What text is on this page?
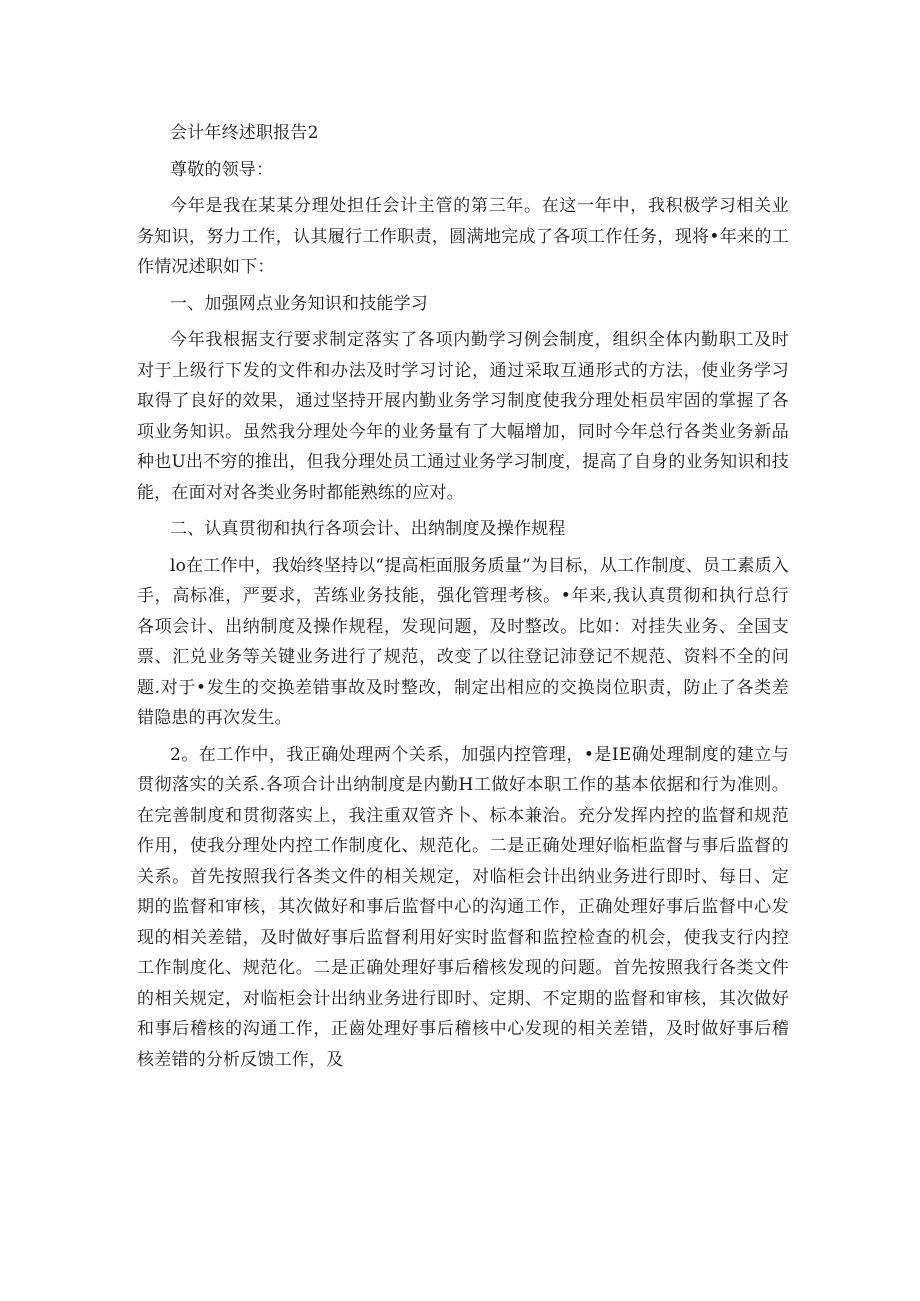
会计年终述职报告2

尊敬的领导：

今年是我在某某分理处担任会计主管的第三年。在这一年中，我积极学习相关业务知识，努力工作，认其履行工作职责，圆满地完成了各项工作任务，现将•年来的工作情况述职如下：

一、加强网点业务知识和技能学习

今年我根据支行要求制定落实了各项内勤学习例会制度，组织全体内勤职工及时对于上级行下发的文件和办法及时学习讨论，通过采取互通形式的方法，使业务学习取得了良好的效果，通过坚持开展内勤业务学习制度使我分理处柜员牢固的掌握了各项业务知识。虽然我分理处今年的业务量有了大幅增加，同时今年总行各类业务新品种也U出不穷的推出，但我分理处员工通过业务学习制度，提高了自身的业务知识和技能，在面对对各类业务时都能熟练的应对。

二、认真贯彻和执行各项会计、出纳制度及操作规程

lo在工作中，我始终坚持以“提高柜面服务质量”为目标，从工作制度、员工素质入手，高标准，严要求，苦练业务技能，强化管理考核。•年来,我认真贯彻和执行总行各项会计、出纳制度及操作规程，发现问题，及时整改。比如：对挂失业务、全国支票、汇兑业务等关键业务进行了规范，改变了以往登记沛登记不规范、资料不全的问题.对于•发生的交换差错事故及时整改，制定出相应的交换岗位职责，防止了各类差错隐患的再次发生。

2。在工作中，我正确处理两个关系，加强内控管理，•是IE确处理制度的建立与贯彻落实的关系.各项合计出纳制度是内勤H工做好本职工作的基本依据和行为准则。在完善制度和贯彻落实上，我注重双管齐卜、标本兼治。充分发挥内控的监督和规范作用，使我分理处内控工作制度化、规范化。二是正确处理好临柜监督与事后监督的关系。首先按照我行各类文件的相关规定，对临柜会计出纳业务进行即时、每日、定期的监督和审核，其次做好和事后监督中心的沟通工作，正确处理好事后监督中心发现的相关差错，及时做好事后监督利用好实时监督和监控检查的机会，使我支行内控工作制度化、规范化。二是正确处理好事后稽核发现的问题。首先按照我行各类文件的相关规定，对临柜会计出纳业务进行即时、定期、不定期的监督和审核，其次做好和事后稽核的沟通工作，正齒处理好事后稽核中心发现的相关差错，及时做好事后稽核差错的分析反馈工作，及
